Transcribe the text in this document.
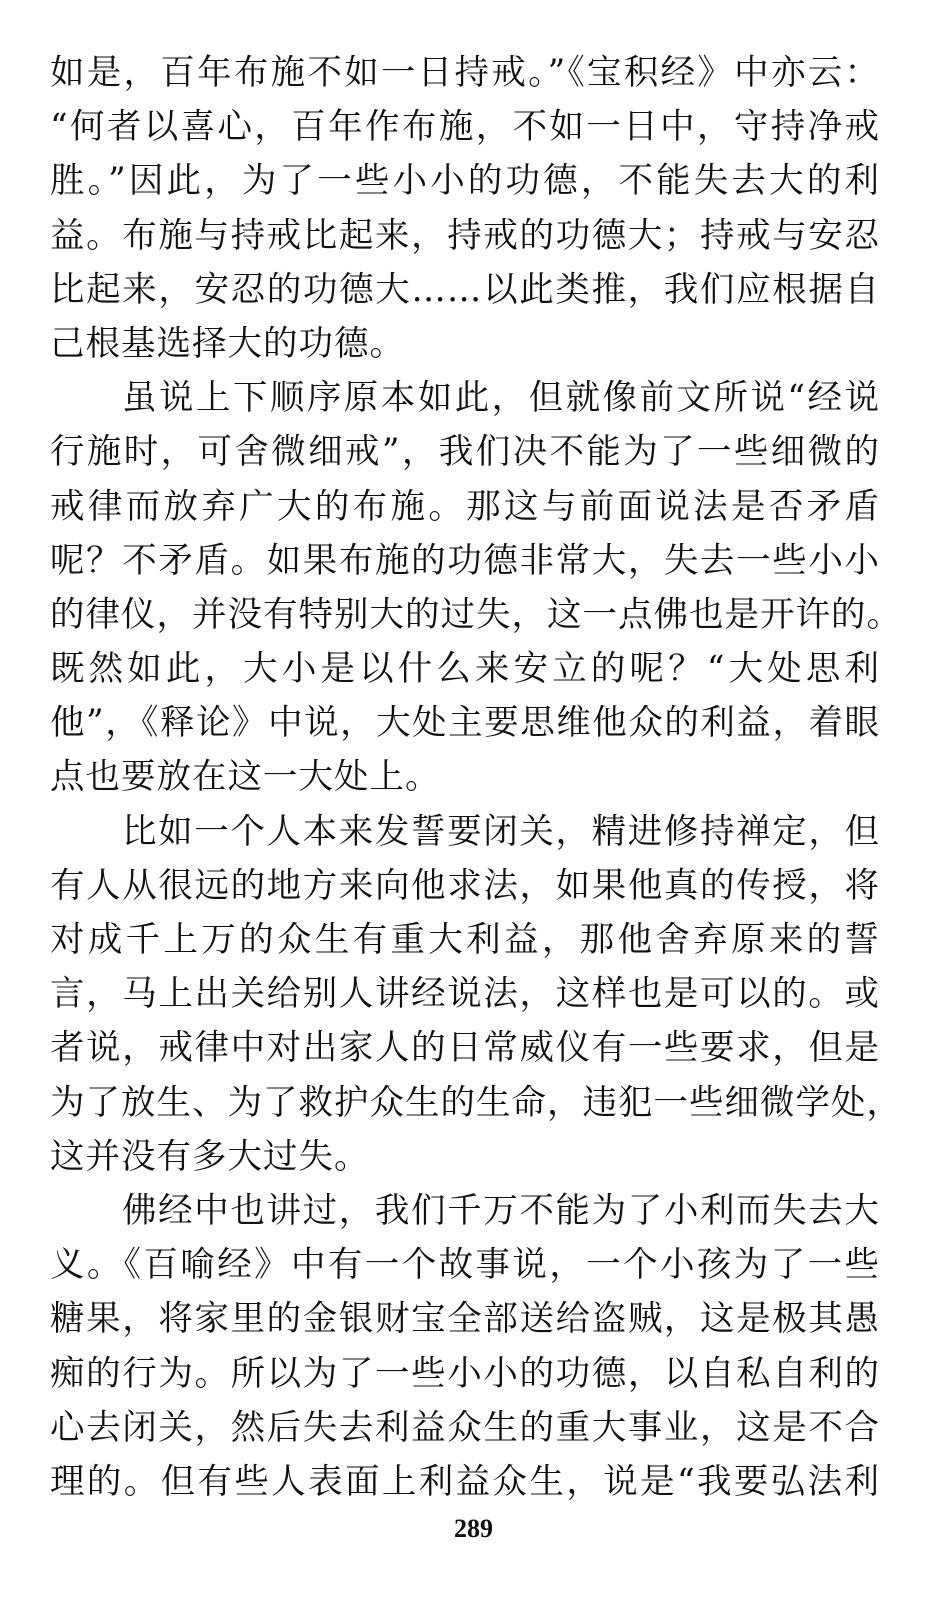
如是，百年布施不如一日持戒。”《宝积经》中亦云：
“何者以喜心，百年作布施，不如一日中，守持净戒
胜。”因此，为了一些小小的功德，不能失去大的利
益。布施与持戒比起来，持戒的功德大；持戒与安忍
比起来，安忍的功德大……以此类推，我们应根据自
己根基选择大的功德。
虽说上下顺序原本如此，但就像前文所说“经说
行施时，可舍微细戒”，我们决不能为了一些细微的
戒律而放弃广大的布施。那这与前面说法是否矛盾
呢？不矛盾。如果布施的功德非常大，失去一些小小
的律仪，并没有特别大的过失，这一点佛也是开许的。
既然如此，大小是以什么来安立的呢？“大处思利
他”，《释论》中说，大处主要思维他众的利益，着眼
点也要放在这一大处上。
比如一个人本来发誓要闭关，精进修持禅定，但
有人从很远的地方来向他求法，如果他真的传授，将
对成千上万的众生有重大利益，那他舍弃原来的誓
言，马上出关给别人讲经说法，这样也是可以的。或
者说，戒律中对出家人的日常威仪有一些要求，但是
为了放生、为了救护众生的生命，违犯一些细微学处，
这并没有多大过失。
佛经中也讲过，我们千万不能为了小利而失去大
义。《百喻经》中有一个故事说，一个小孩为了一些
糖果，将家里的金银财宝全部送给盗贼，这是极其愚
痴的行为。所以为了一些小小的功德，以自私自利的
心去闭关，然后失去利益众生的重大事业，这是不合
理的。但有些人表面上利益众生，说是“我要弘法利
289
